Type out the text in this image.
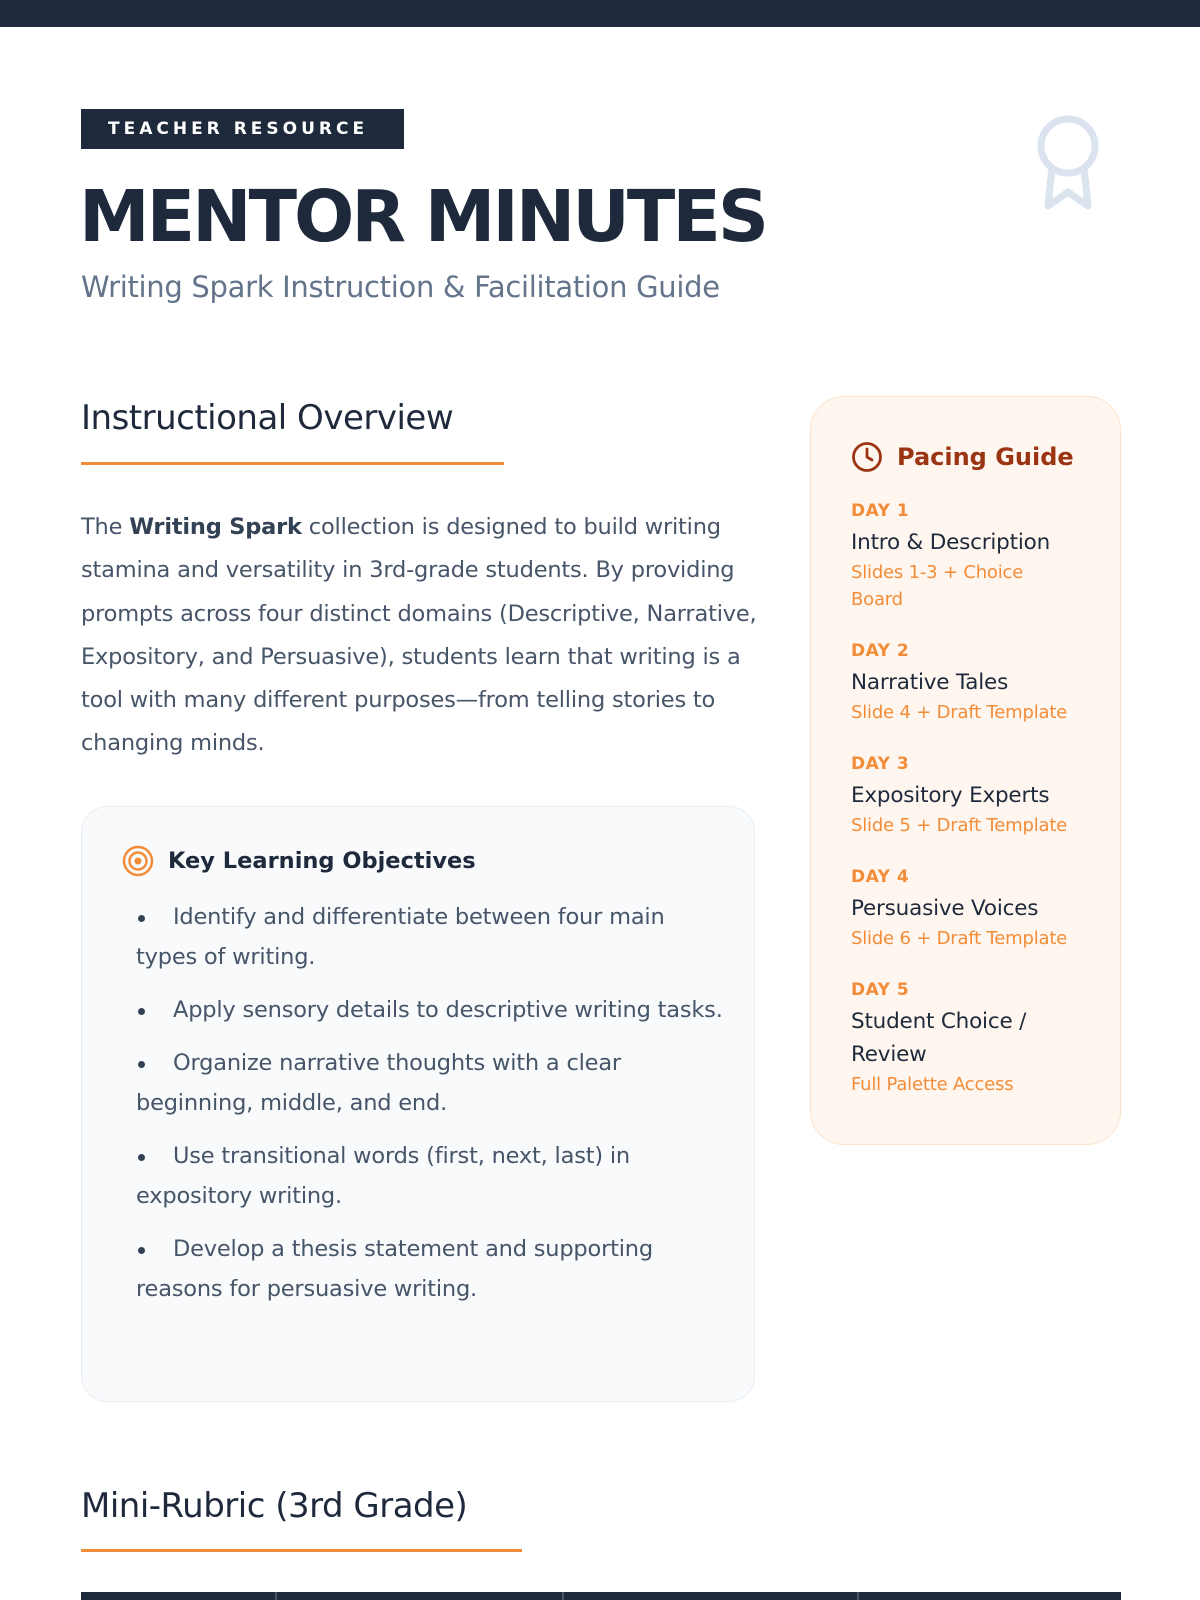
TEACHER RESOURCE
MENTOR MINUTES
Writing Spark Instruction & Facilitation Guide
Instructional Overview

The Writing Spark collection is designed to build writing stamina and versatility in 3rd-grade students. By providing prompts across four distinct domains (Descriptive, Narrative, Expository, and Persuasive), students learn that writing is a tool with many different purposes—from telling stories to changing minds.

Key Learning Objectives
Identify and differentiate between four main types of writing.
Apply sensory details to descriptive writing tasks.
Organize narrative thoughts with a clear beginning, middle, and end.
Use transitional words (first, next, last) in expository writing.
Develop a thesis statement and supporting reasons for persuasive writing.
Pacing Guide
DAY 1
Intro & Description
Slides 1-3 + Choice Board
DAY 2
Narrative Tales
Slide 4 + Draft Template
DAY 3
Expository Experts
Slide 5 + Draft Template
DAY 4
Persuasive Voices
Slide 6 + Draft Template
DAY 5
Student Choice / Review
Full Palette Access
Mini-Rubric (3rd Grade)
